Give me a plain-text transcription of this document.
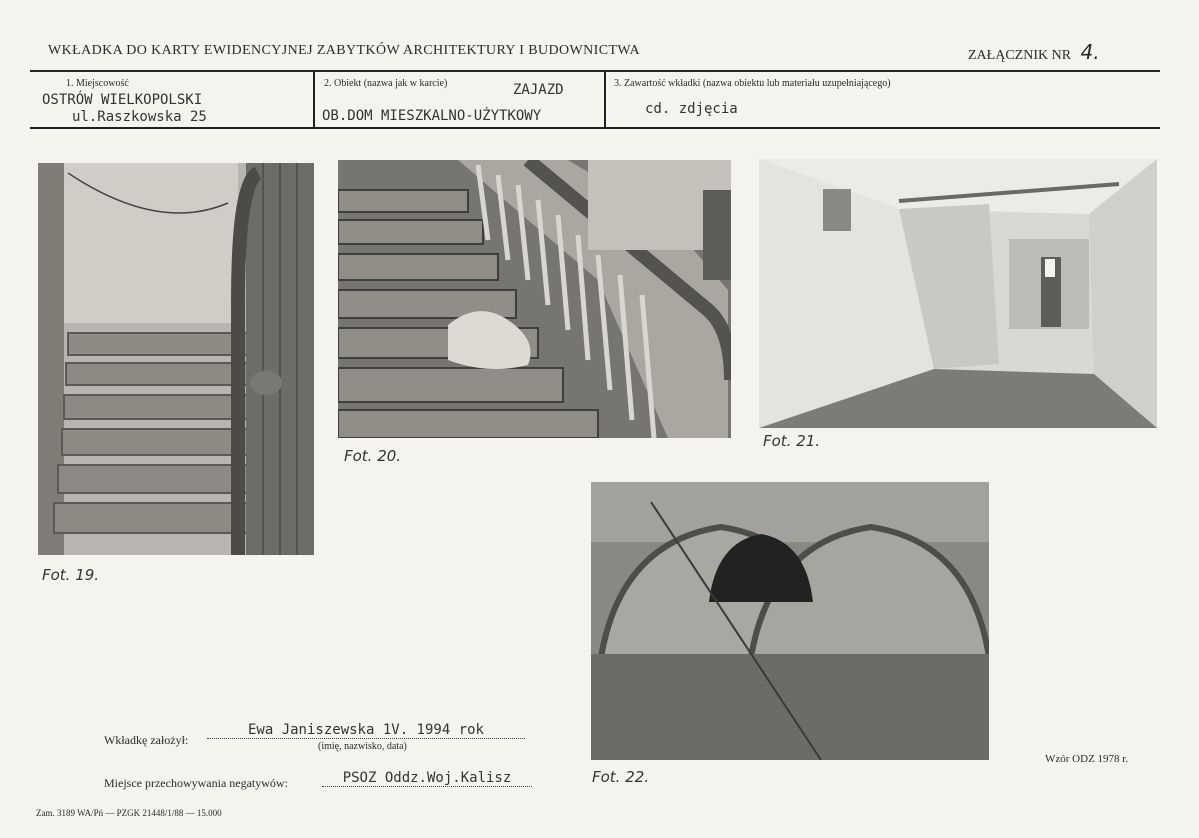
WKŁADKA DO KARTY EWIDENCYJNEJ ZABYTKÓW ARCHITEKTURY I BUDOWNICTWA	ZAŁĄCZNIK NR 4.
1. Miejscowość
OSTRÓW WIELKOPOLSKI
ul.Raszkowska 25
2. Obiekt (nazwa jak w karcie)	ZAJAZD
OB.DOM MIESZKALNO-UŻYTKOWY
3. Zawartość wkładki (nazwa obiektu lub materiału uzupełniającego)
cd. zdjęcia
Fot. 19.
Fot. 20.
Fot. 21.
Fot. 22.
Wkładkę założył:
Ewa Janiszewska 1V. 1994 rok
(imię, nazwisko, data)
Miejsce przechowywania negatywów:	PSOZ Oddz.Woj.Kalisz
Wzór ODZ 1978 r.
Zam. 3189 WA/Pń — PZGK 21448/1/88 — 15.000
